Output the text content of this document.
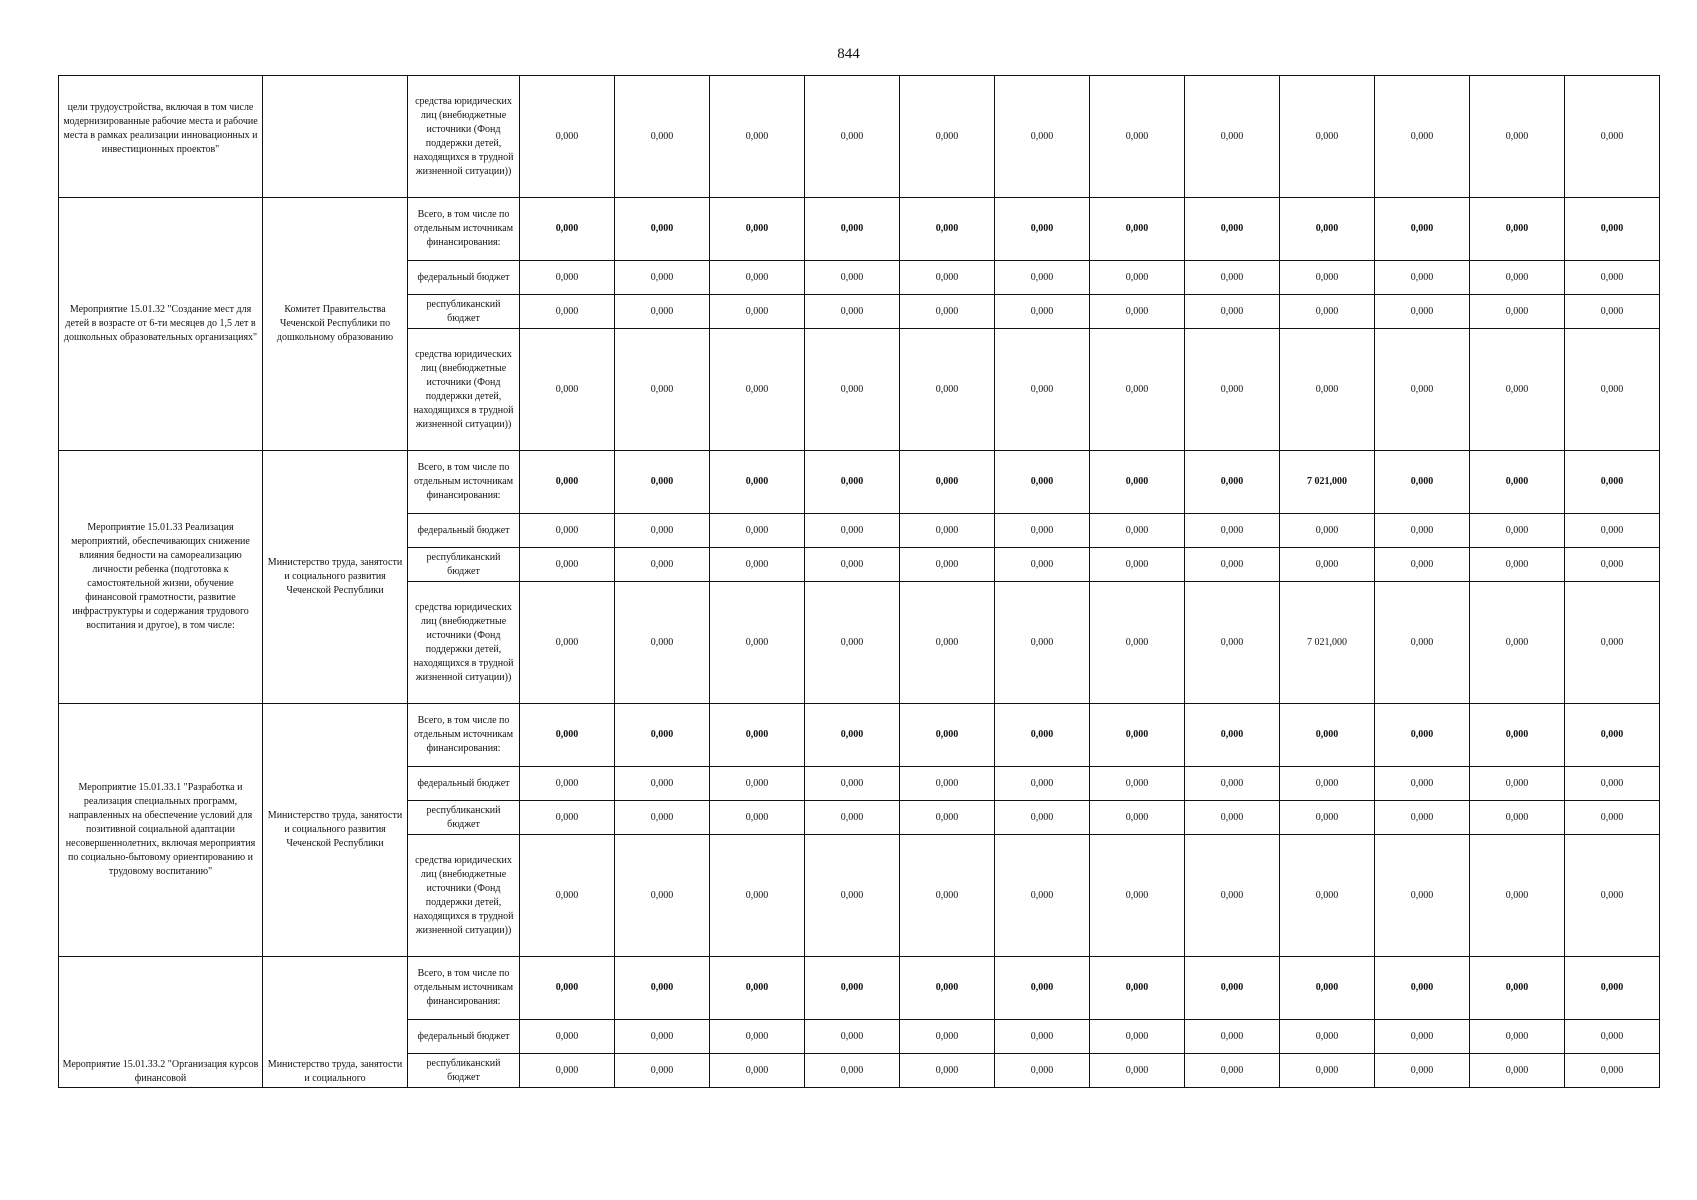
844
цели трудоустройства, включая в том числе модернизированные рабочие места и рабочие места в рамках реализации инновационных и инвестиционных проектов"		средства юридических лиц (внебюджетные источники (Фонд поддержки детей, находящихся в трудной жизненной ситуации))	0,000	0,000	0,000	0,000	0,000	0,000	0,000	0,000	0,000	0,000	0,000	0,000
Мероприятие 15.01.32 "Создание мест для детей в возрасте от 6-ти месяцев до 1,5 лет в дошкольных образовательных организациях"	Комитет Правительства Чеченской Республики по дошкольному образованию	Всего, в том числе по отдельным источникам финансирования:	0,000	0,000	0,000	0,000	0,000	0,000	0,000	0,000	0,000	0,000	0,000	0,000
		федеральный бюджет	0,000	0,000	0,000	0,000	0,000	0,000	0,000	0,000	0,000	0,000	0,000	0,000
		республиканский бюджет	0,000	0,000	0,000	0,000	0,000	0,000	0,000	0,000	0,000	0,000	0,000	0,000
		средства юридических лиц (внебюджетные источники (Фонд поддержки детей, находящихся в трудной жизненной ситуации))	0,000	0,000	0,000	0,000	0,000	0,000	0,000	0,000	0,000	0,000	0,000	0,000
Мероприятие 15.01.33 Реализация мероприятий, обеспечивающих снижение влияния бедности на самореализацию личности ребенка (подготовка к самостоятельной жизни, обучение финансовой грамотности, развитие инфраструктуры и содержания трудового воспитания и другое), в том числе:	Министерство труда, занятости и социального развития Чеченской Республики	Всего, в том числе по отдельным источникам финансирования:	0,000	0,000	0,000	0,000	0,000	0,000	0,000	0,000	7 021,000	0,000	0,000	0,000
		федеральный бюджет	0,000	0,000	0,000	0,000	0,000	0,000	0,000	0,000	0,000	0,000	0,000	0,000
		республиканский бюджет	0,000	0,000	0,000	0,000	0,000	0,000	0,000	0,000	0,000	0,000	0,000	0,000
		средства юридических лиц (внебюджетные источники (Фонд поддержки детей, находящихся в трудной жизненной ситуации))	0,000	0,000	0,000	0,000	0,000	0,000	0,000	0,000	7 021,000	0,000	0,000	0,000
Мероприятие 15.01.33.1 "Разработка и реализация специальных программ, направленных на обеспечение условий для позитивной социальной адаптации несовершеннолетних, включая мероприятия по социально-бытовому ориентированию и трудовому воспитанию"	Министерство труда, занятости и социального развития Чеченской Республики	Всего, в том числе по отдельным источникам финансирования:	0,000	0,000	0,000	0,000	0,000	0,000	0,000	0,000	0,000	0,000	0,000	0,000
		федеральный бюджет	0,000	0,000	0,000	0,000	0,000	0,000	0,000	0,000	0,000	0,000	0,000	0,000
		республиканский бюджет	0,000	0,000	0,000	0,000	0,000	0,000	0,000	0,000	0,000	0,000	0,000	0,000
		средства юридических лиц (внебюджетные источники (Фонд поддержки детей, находящихся в трудной жизненной ситуации))	0,000	0,000	0,000	0,000	0,000	0,000	0,000	0,000	0,000	0,000	0,000	0,000

Мероприятие 15.01.33.2 "Организация курсов финансовой	Министерство труда, занятости и социального	Всего, в том числе по отдельным источникам финансирования:	0,000	0,000	0,000	0,000	0,000	0,000	0,000	0,000	0,000	0,000	0,000	0,000
		федеральный бюджет	0,000	0,000	0,000	0,000	0,000	0,000	0,000	0,000	0,000	0,000	0,000	0,000
		республиканский бюджет	0,000	0,000	0,000	0,000	0,000	0,000	0,000	0,000	0,000	0,000	0,000	0,000
